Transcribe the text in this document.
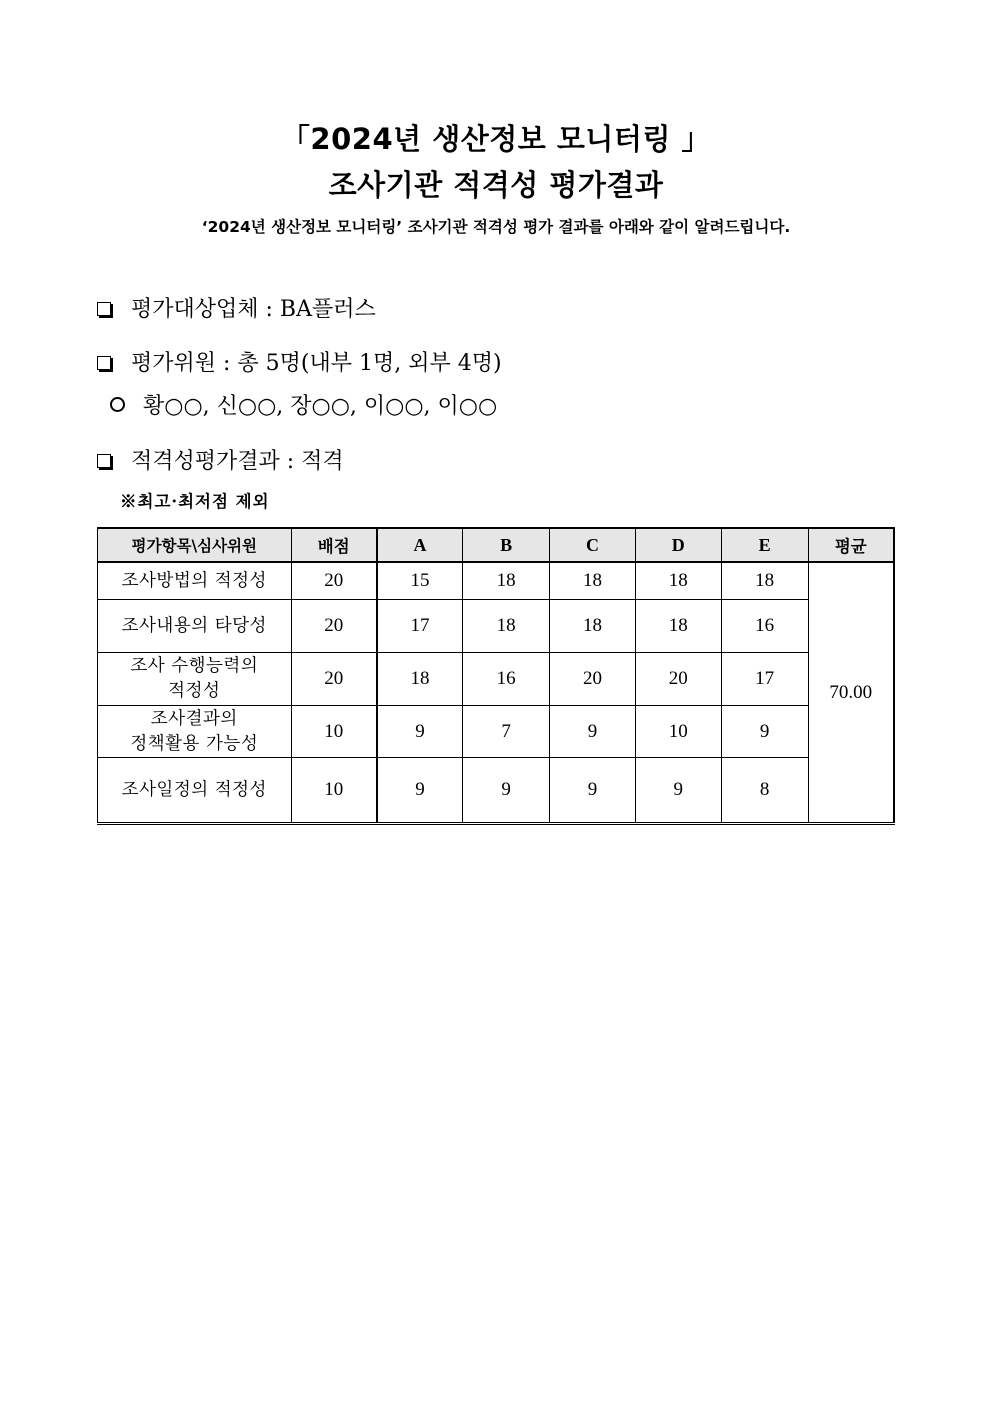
「2024년 생산정보 모니터링 」
조사기관 적격성 평가결과
‘2024년 생산정보 모니터링’ 조사기관 적격성 평가 결과를 아래와 같이 알려드립니다.
평가대상업체 : BA플러스
평가위원 : 총 5명(내부 1명, 외부 4명)
황○○, 신○○, 장○○, 이○○, 이○○
적격성평가결과 : 적격
※최고·최저점 제외
평가항목\심사위원	배점	A	B	C	D	E	평균
조사방법의 적정성	20	15	18	18	18	18	70.00
조사내용의 타당성	20	17	18	18	18	16	

조사 수행능력의
적정성	20	18	16	20	20	17	

조사결과의
정책활용 가능성	10	9	7	9	10	9	
조사일정의 적정성	10	9	9	9	9	8	
